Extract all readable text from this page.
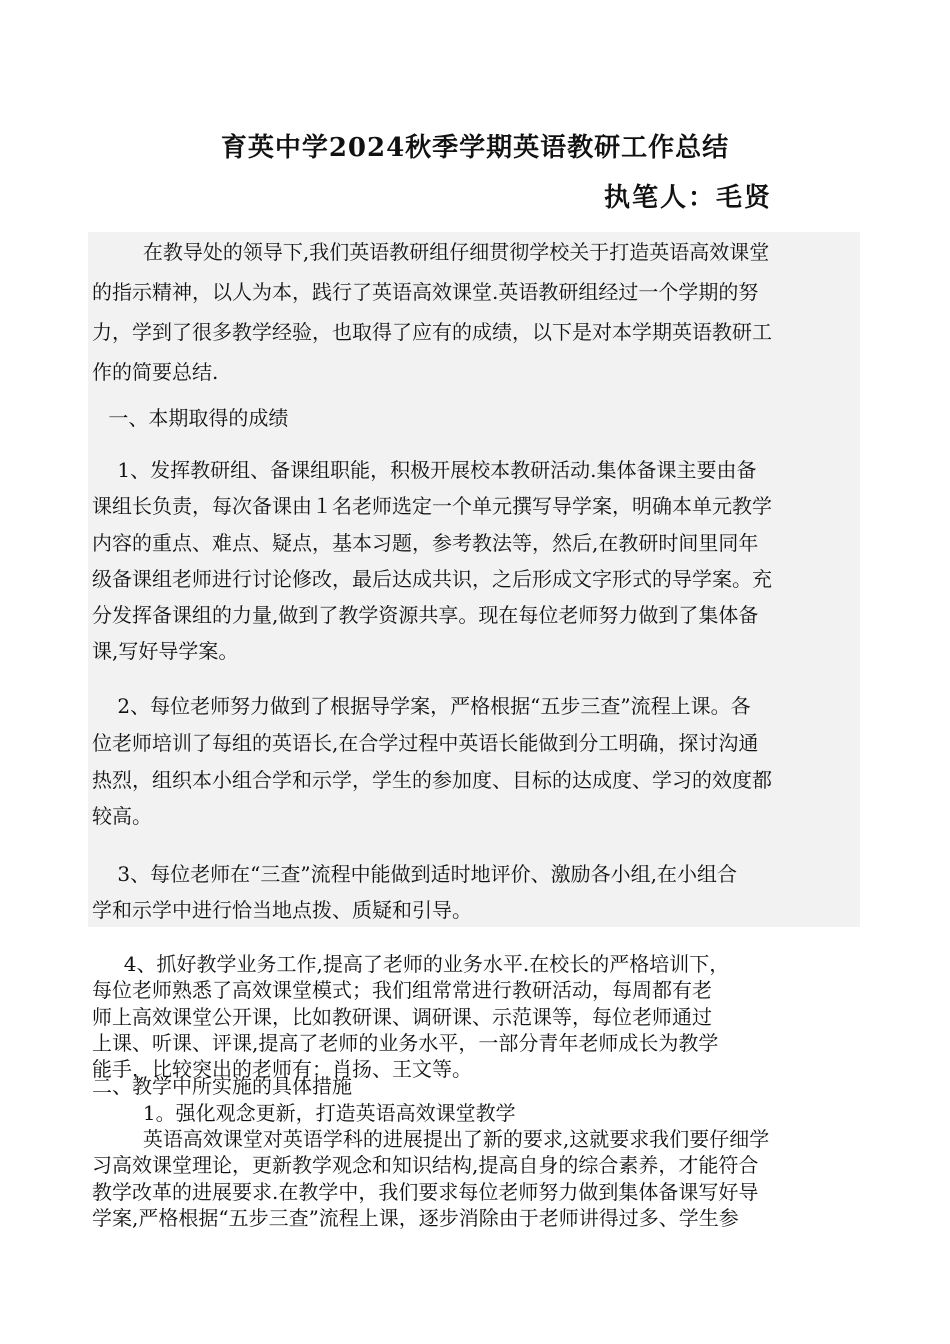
育英中学2024秋季学期英语教研工作总结
执笔人：毛贤
在教导处的领导下,我们英语教研组仔细贯彻学校关于打造英语高效课堂
的指示精神，以人为本，践行了英语高效课堂.英语教研组经过一个学期的努
力，学到了很多教学经验，也取得了应有的成绩，以下是对本学期英语教研工
作的简要总结.
一、本期取得的成绩
1、发挥教研组、备课组职能，积极开展校本教研活动.集体备课主要由备
课组长负责，每次备课由１名老师选定一个单元撰写导学案，明确本单元教学
内容的重点、难点、疑点，基本习题，参考教法等，然后,在教研时间里同年
级备课组老师进行讨论修改，最后达成共识，之后形成文字形式的导学案。充
分发挥备课组的力量,做到了教学资源共享。现在每位老师努力做到了集体备
课,写好导学案。
2、每位老师努力做到了根据导学案，严格根据“五步三查”流程上课。各
位老师培训了每组的英语长,在合学过程中英语长能做到分工明确，探讨沟通
热烈，组织本小组合学和示学，学生的参加度、目标的达成度、学习的效度都
较高。
3、每位老师在“三查”流程中能做到适时地评价、激励各小组,在小组合
学和示学中进行恰当地点拨、质疑和引导。
4、抓好教学业务工作,提高了老师的业务水平.在校长的严格培训下，
每位老师熟悉了高效课堂模式；我们组常常进行教研活动，每周都有老
师上高效课堂公开课，比如教研课、调研课、示范课等，每位老师通过
上课、听课、评课,提高了老师的业务水平，一部分青年老师成长为教学
能手，比较突出的老师有：肖扬、王文等。
二、教学中所实施的具体措施
1。强化观念更新，打造英语高效课堂教学
英语高效课堂对英语学科的进展提出了新的要求,这就要求我们要仔细学
习高效课堂理论，更新教学观念和知识结构,提高自身的综合素养，才能符合
教学改革的进展要求.在教学中，我们要求每位老师努力做到集体备课写好导
学案,严格根据“五步三查”流程上课，逐步消除由于老师讲得过多、学生参
